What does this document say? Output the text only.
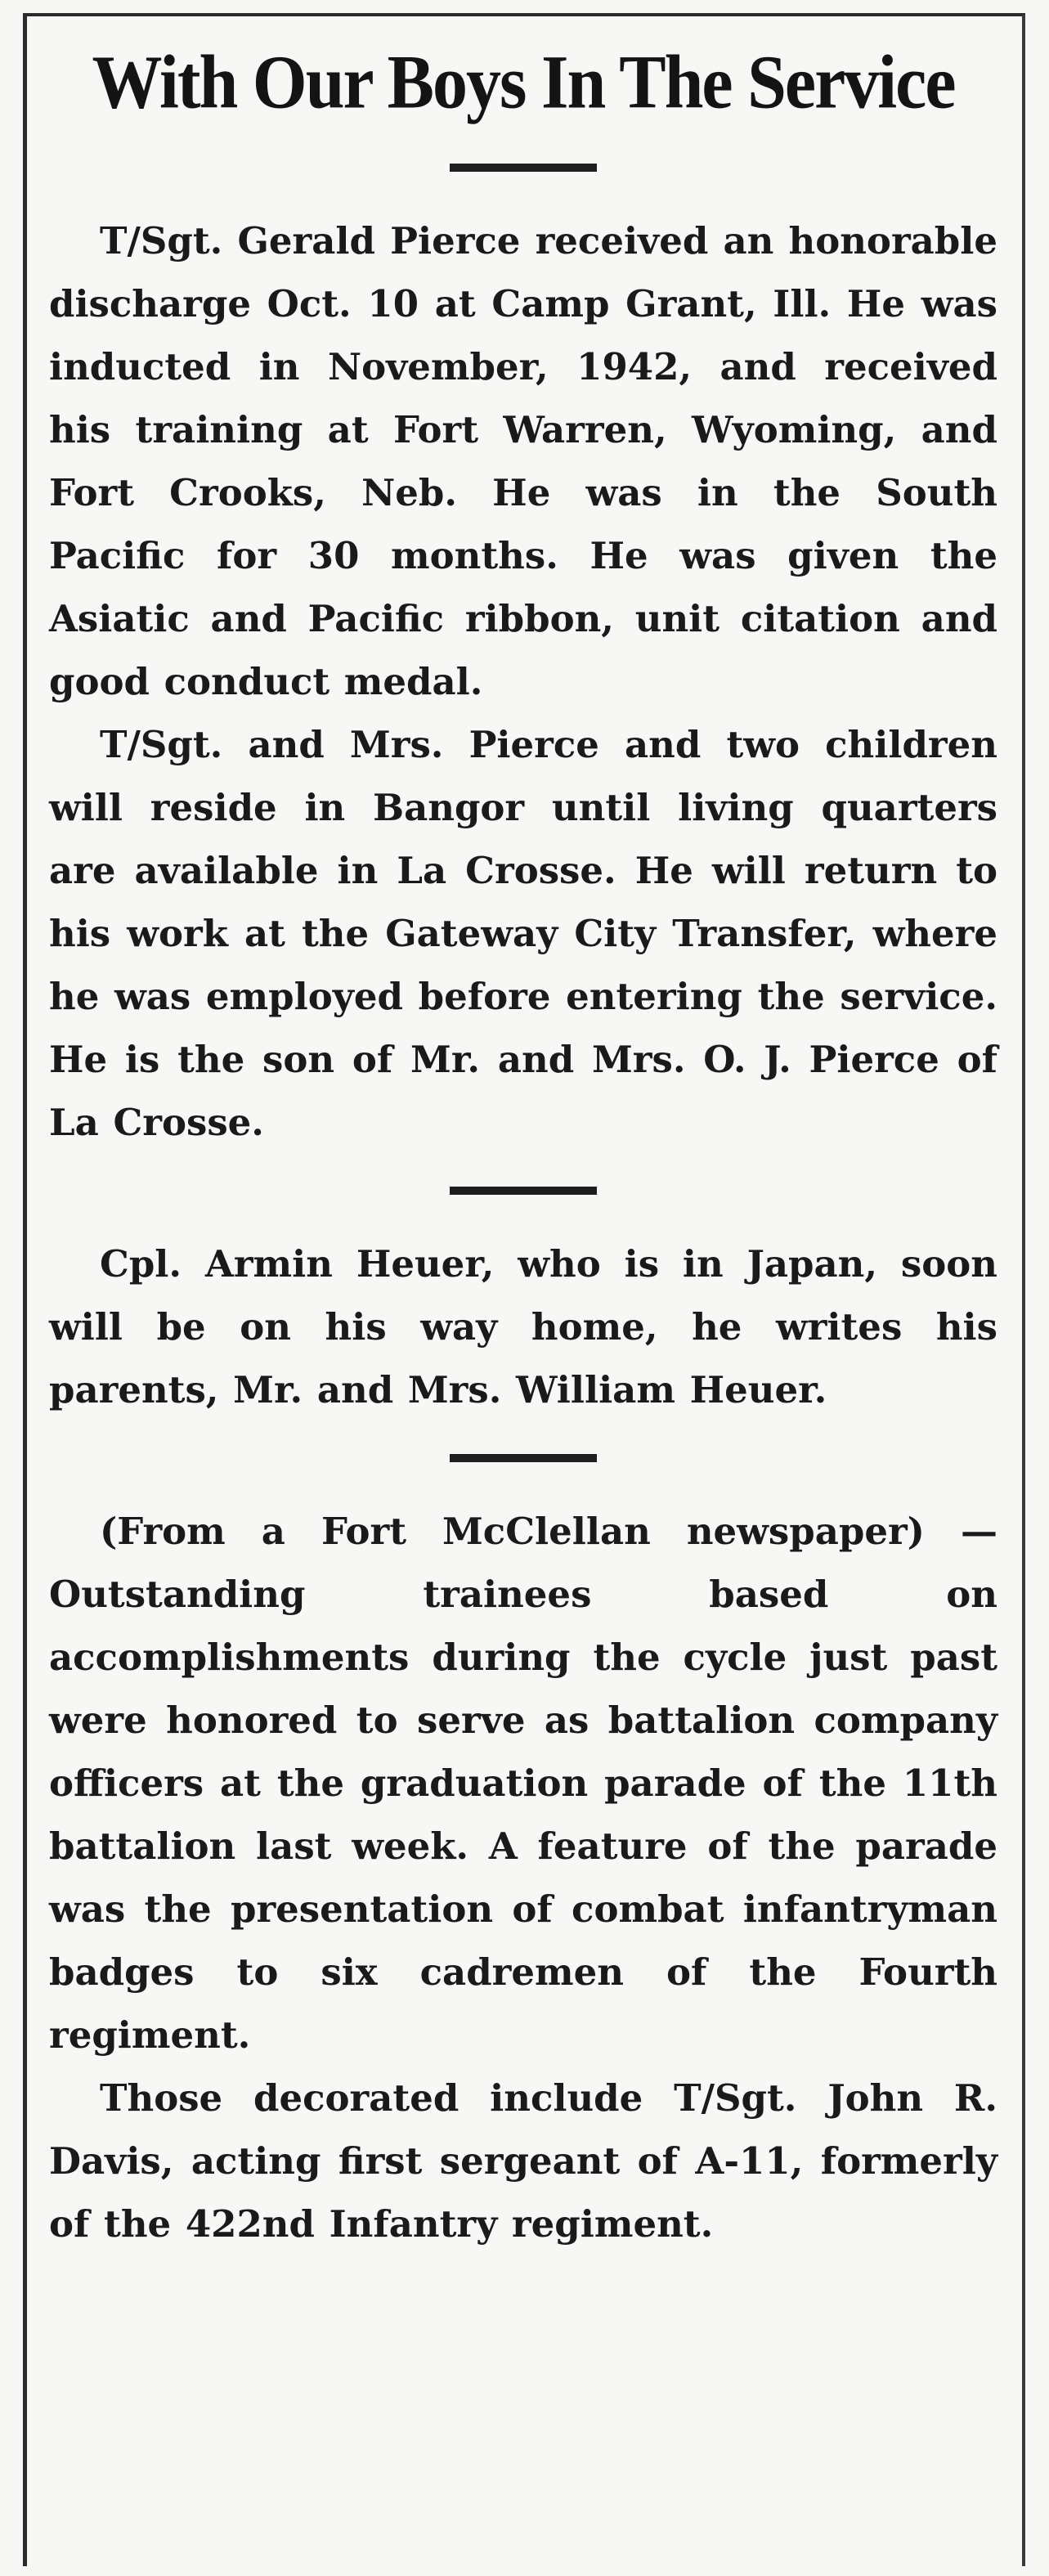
With Our Boys In The Service

T/Sgt. Gerald Pierce received an honorable discharge Oct. 10 at Camp Grant, Ill. He was inducted in November, 1942, and received his training at Fort Warren, Wyoming, and Fort Crooks, Neb. He was in the South Pacific for 30 months. He was given the Asiatic and Pacific ribbon, unit citation and good conduct medal.

T/Sgt. and Mrs. Pierce and two children will reside in Bangor until living quarters are available in La Crosse. He will return to his work at the Gateway City Transfer, where he was employed before entering the service. He is the son of Mr. and Mrs. O. J. Pierce of La Crosse.

Cpl. Armin Heuer, who is in Japan, soon will be on his way home, he writes his parents, Mr. and Mrs. William Heuer.

(From a Fort McClellan newspaper) —Outstanding trainees based on accomplishments during the cycle just past were honored to serve as battalion company officers at the graduation parade of the 11th battalion last week. A feature of the parade was the presentation of combat infantryman badges to six cadremen of the Fourth regiment.

Those decorated include T/Sgt. John R. Davis, acting first sergeant of A-11, formerly of the 422nd Infantry regiment.
